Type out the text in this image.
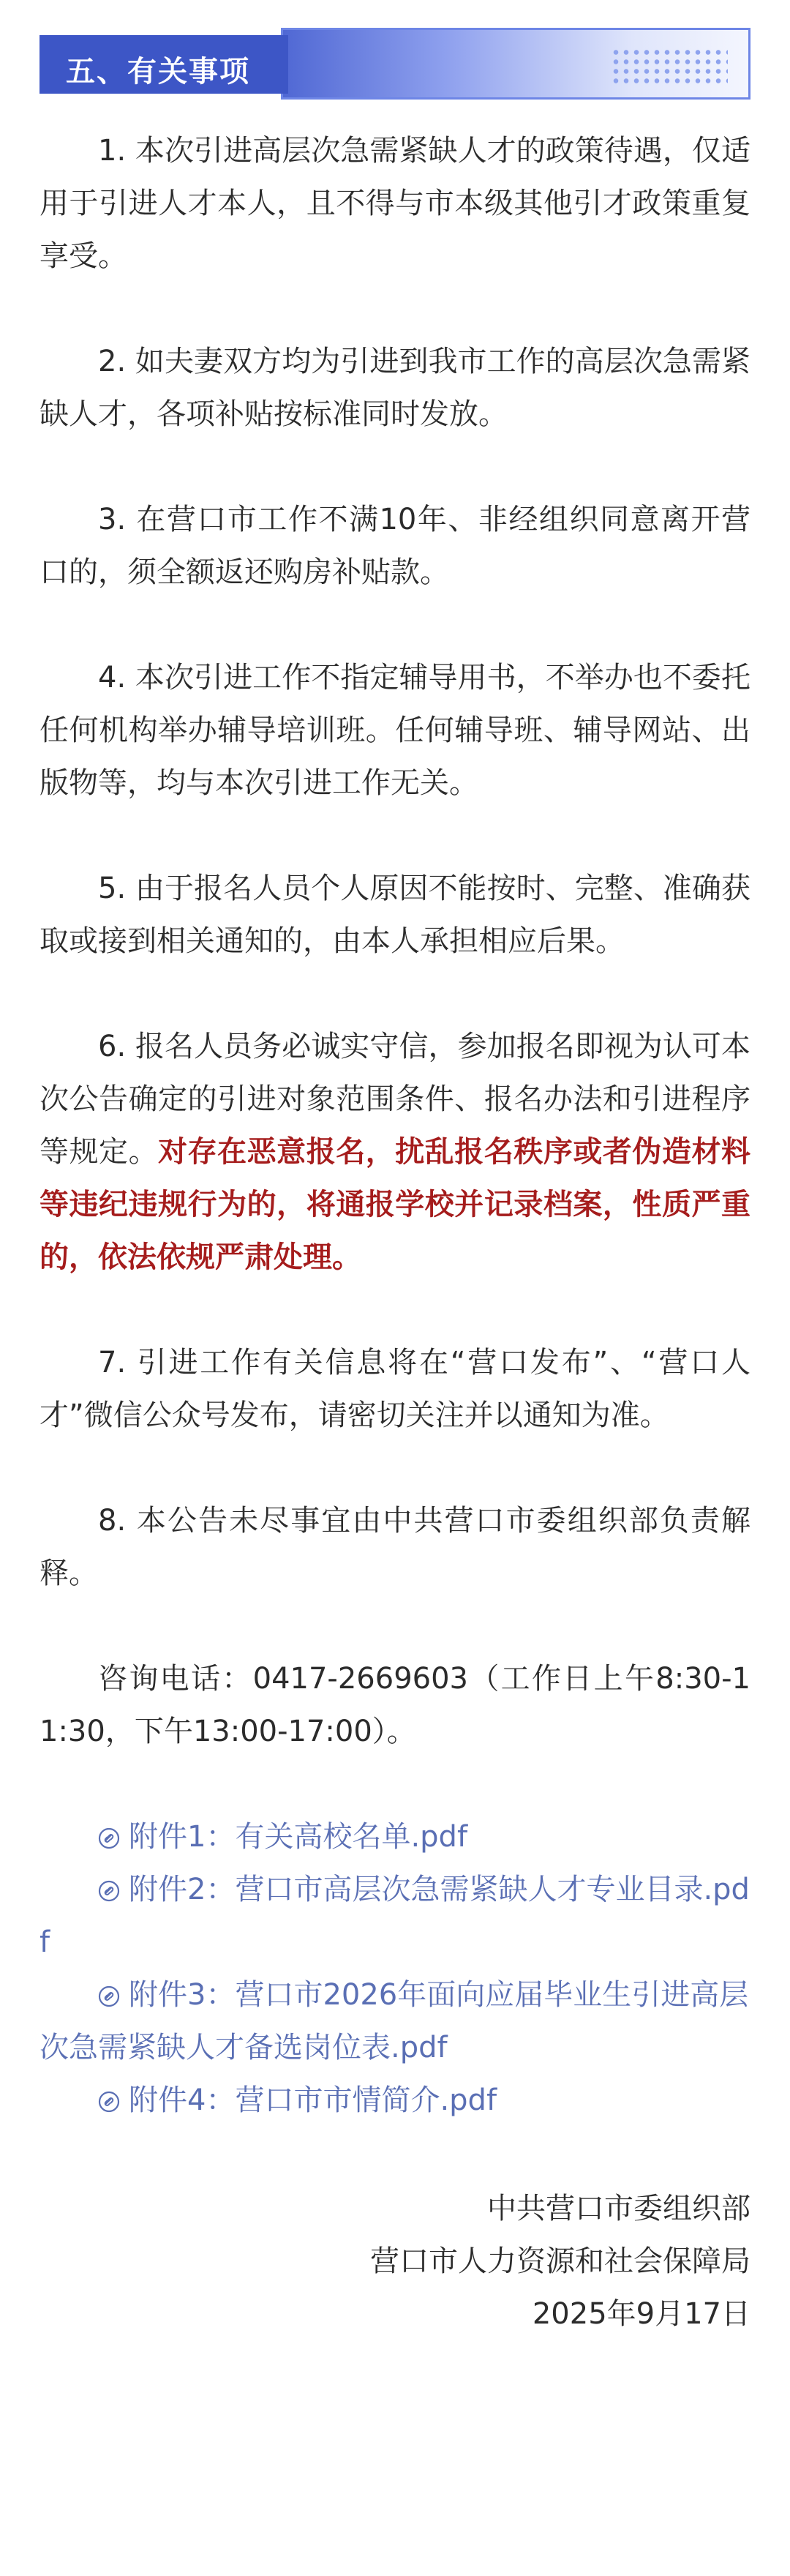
五、有关事项

1. 本次引进高层次急需紧缺人才的政策待遇，仅适用于引进人才本人，且不得与市本级其他引才政策重复享受。

2. 如夫妻双方均为引进到我市工作的高层次急需紧缺人才，各项补贴按标准同时发放。

3. 在营口市工作不满10年、非经组织同意离开营口的，须全额返还购房补贴款。

4. 本次引进工作不指定辅导用书，不举办也不委托任何机构举办辅导培训班。任何辅导班、辅导网站、出版物等，均与本次引进工作无关。

5. 由于报名人员个人原因不能按时、完整、准确获取或接到相关通知的，由本人承担相应后果。

6. 报名人员务必诚实守信，参加报名即视为认可本次公告确定的引进对象范围条件、报名办法和引进程序等规定。对存在恶意报名，扰乱报名秩序或者伪造材料等违纪违规行为的，将通报学校并记录档案，性质严重的，依法依规严肃处理。

7. 引进工作有关信息将在“营口发布”、“营口人才”微信公众号发布，请密切关注并以通知为准。

8. 本公告未尽事宜由中共营口市委组织部负责解释。

咨询电话：0417-2669603（工作日上午8:30-11:30，下午13:00-17:00）。

附件1：有关高校名单.pdf
附件2：营口市高层次急需紧缺人才专业目录.pdf
附件3：营口市2026年面向应届毕业生引进高层次急需紧缺人才备选岗位表.pdf
附件4：营口市市情简介.pdf
中共营口市委组织部
营口市人力资源和社会保障局
2025年9月17日
